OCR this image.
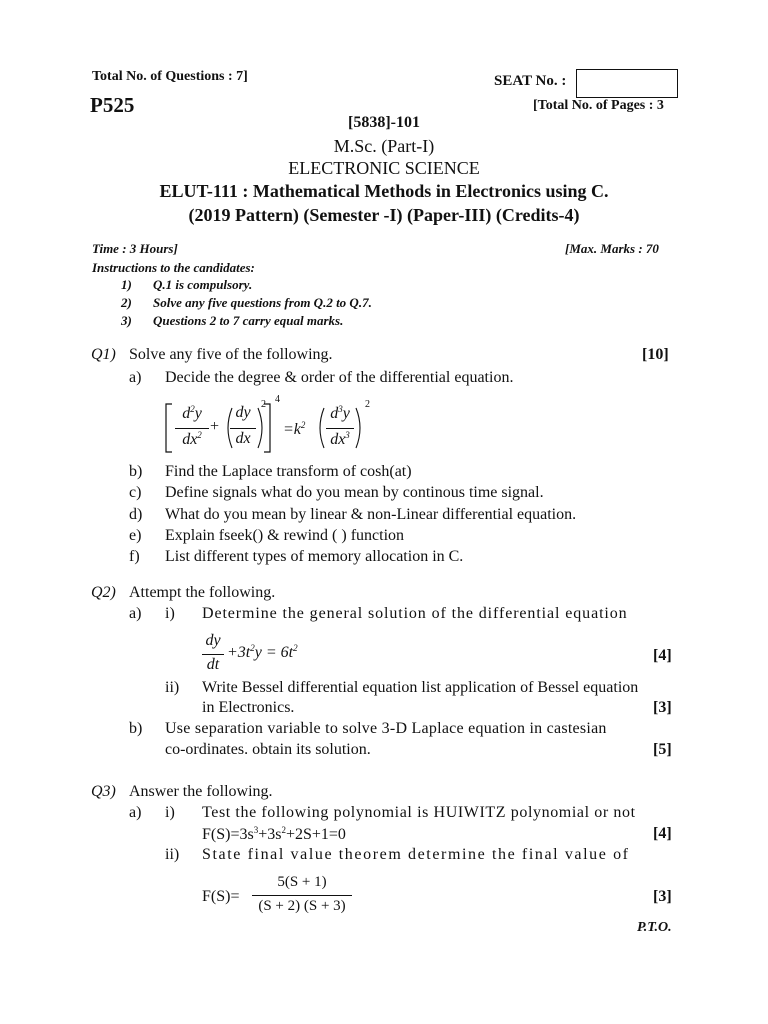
Total No. of Questions : 7]	SEAT No. :
P525	[Total No. of Pages : 3
[5838]-101
M.Sc. (Part-I)
ELECTRONIC SCIENCE
ELUT-111 : Mathematical Methods in Electronics using C.
(2019 Pattern) (Semester -I) (Paper-III) (Credits-4)
Time : 3 Hours]	[Max. Marks : 70
Instructions to the candidates:
1) Q.1 is compulsory.
2) Solve any five questions from Q.2 to Q.7.
3) Questions 2 to 7 carry equal marks.
Q1) Solve any five of the following.	[10]
a) Decide the degree & order of the differential equation.
$d^2y$
$dx^2$ +
dy
dx
2 4
$=k^2$
$d^3y$
$dx^3$
2
b) Find the Laplace transform of cosh(at)
c) Define signals what do you mean by continous time signal.
d) What do you mean by linear & non-Linear differential equation.
e) Explain fseek() & rewind ( ) function
f) List different types of memory allocation in C.
Q2) Attempt the following.
a) i) Determine the general solution of the differential equation
dy
dt
$+3t^2y = 6t^2$	[4]
ii) Write Bessel differential equation list application of Bessel equation
in Electronics.	[3]
b) Use separation variable to solve 3-D Laplace equation in castesian
co-ordinates. obtain its solution.	[5]
Q3) Answer the following.
a) i) Test the following polynomial is HUIWITZ polynomial or not
$F(S)=3s^3+3s^2+2S+1=0$	[4]
ii) State final value theorem determine the final value of
F(S)=
5(S + 1)
(S + 2) (S + 3)
[3]
P.T.O.
